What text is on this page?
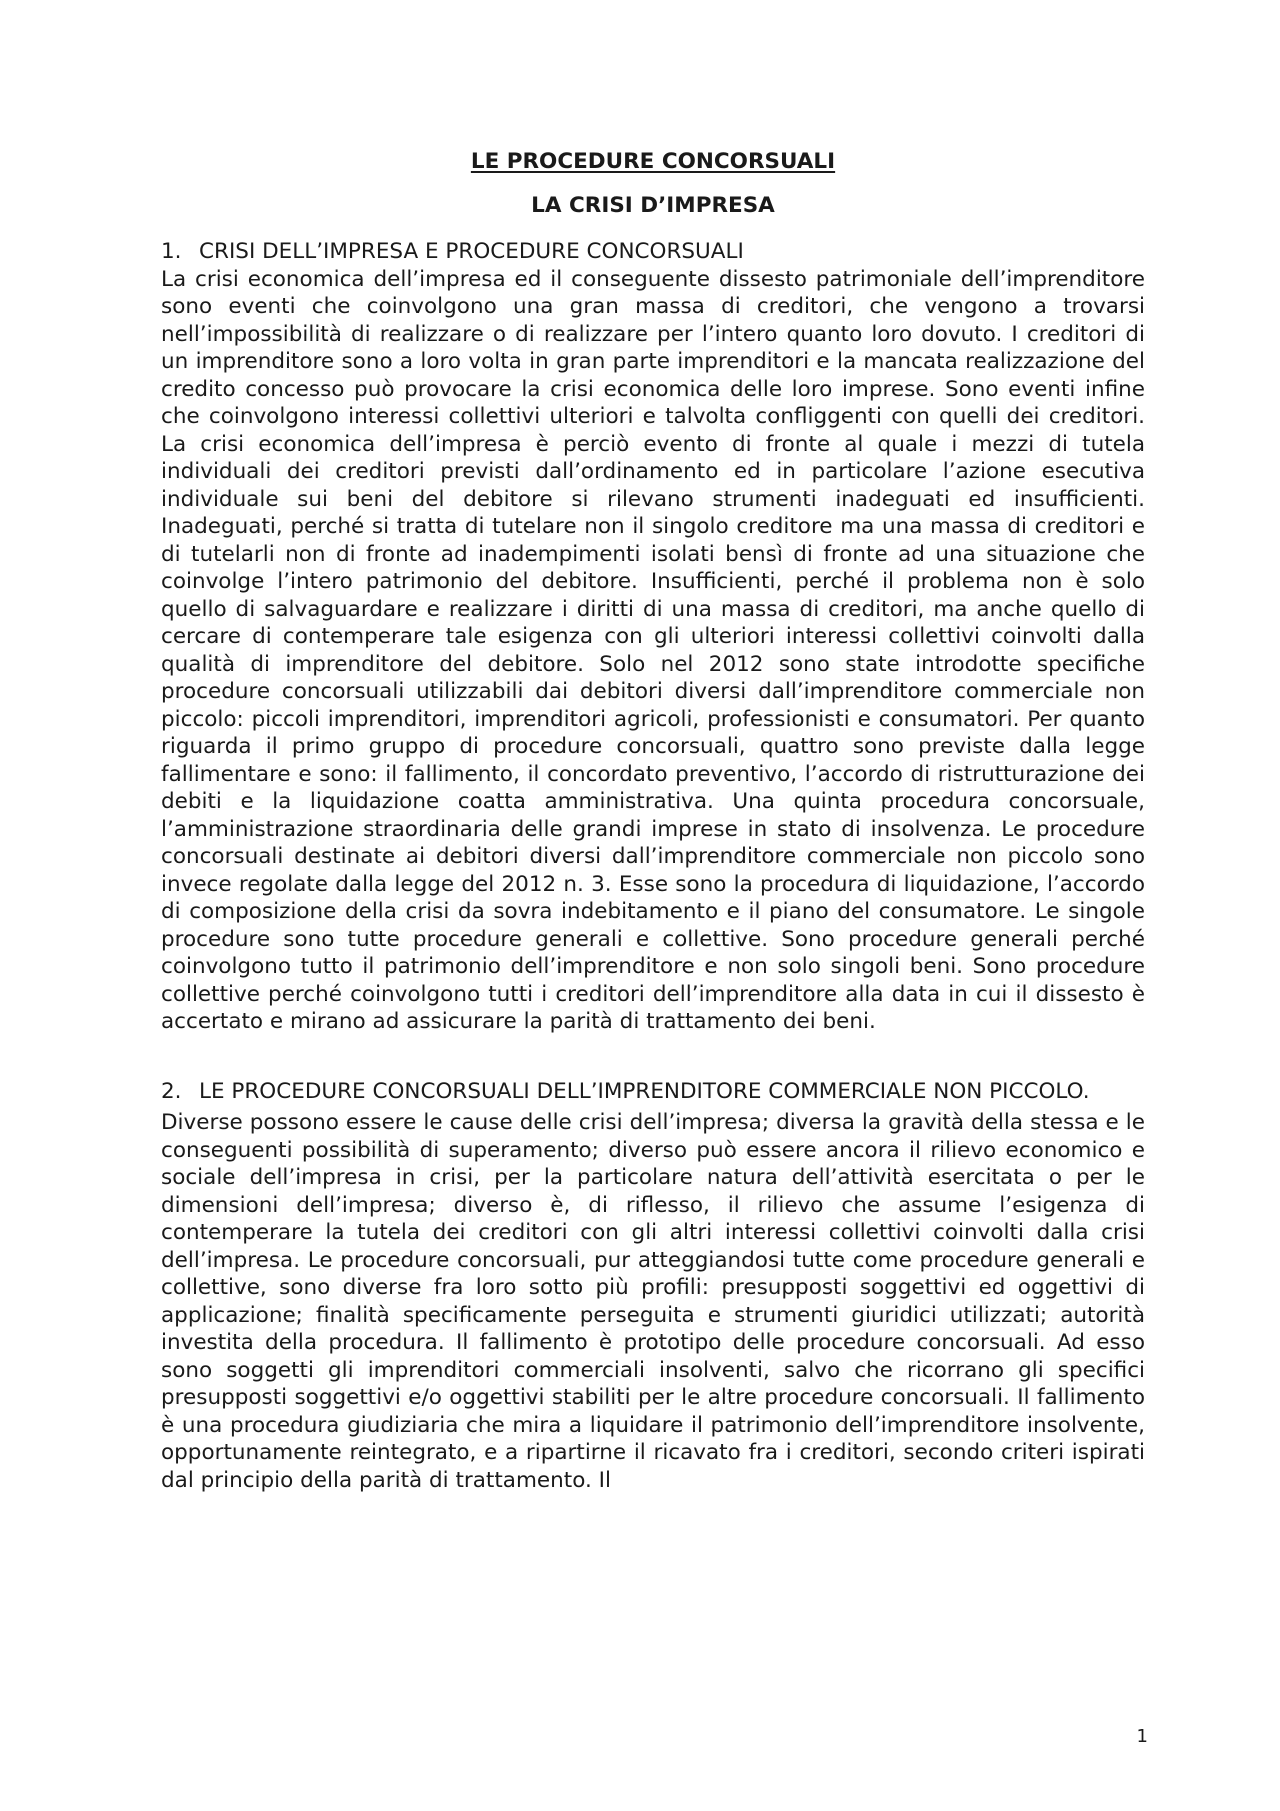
LE PROCEDURE CONCORSUALI

LA CRISI D’IMPRESA

1. CRISI DELL’IMPRESA E PROCEDURE CONCORSUALI

La crisi economica dell’impresa ed il conseguente dissesto patrimoniale dell’imprenditore sono eventi che coinvolgono una gran massa di creditori, che vengono a trovarsi nell’impossibilità di realizzare o di realizzare per l’intero quanto loro dovuto. I creditori di un imprenditore sono a loro volta in gran parte imprenditori e la mancata realizzazione del credito concesso può provocare la crisi economica delle loro imprese. Sono eventi infine che coinvolgono interessi collettivi ulteriori e talvolta confliggenti con quelli dei creditori. La crisi economica dell’impresa è perciò evento di fronte al quale i mezzi di tutela individuali dei creditori previsti dall’ordinamento ed in particolare l’azione esecutiva individuale sui beni del debitore si rilevano strumenti inadeguati ed insufficienti. Inadeguati, perché si tratta di tutelare non il singolo creditore ma una massa di creditori e di tutelarli non di fronte ad inadempimenti isolati bensì di fronte ad una situazione che coinvolge l’intero patrimonio del debitore. Insufficienti, perché il problema non è solo quello di salvaguardare e realizzare i diritti di una massa di creditori, ma anche quello di cercare di contemperare tale esigenza con gli ulteriori interessi collettivi coinvolti dalla qualità di imprenditore del debitore. Solo nel 2012 sono state introdotte specifiche procedure concorsuali utilizzabili dai debitori diversi dall’imprenditore commerciale non piccolo: piccoli imprenditori, imprenditori agricoli, professionisti e consumatori. Per quanto riguarda il primo gruppo di procedure concorsuali, quattro sono previste dalla legge fallimentare e sono: il fallimento, il concordato preventivo, l’accordo di ristrutturazione dei debiti e la liquidazione coatta amministrativa. Una quinta procedura concorsuale, l’amministrazione straordinaria delle grandi imprese in stato di insolvenza. Le procedure concorsuali destinate ai debitori diversi dall’imprenditore commerciale non piccolo sono invece regolate dalla legge del 2012 n. 3. Esse sono la procedura di liquidazione, l’accordo di composizione della crisi da sovra indebitamento e il piano del consumatore. Le singole procedure sono tutte procedure generali e collettive. Sono procedure generali perché coinvolgono tutto il patrimonio dell’imprenditore e non solo singoli beni. Sono procedure collettive perché coinvolgono tutti i creditori dell’imprenditore alla data in cui il dissesto è accertato e mirano ad assicurare la parità di trattamento dei beni.

2. LE PROCEDURE CONCORSUALI DELL’IMPRENDITORE COMMERCIALE NON PICCOLO.

Diverse possono essere le cause delle crisi dell’impresa; diversa la gravità della stessa e le conseguenti possibilità di superamento; diverso può essere ancora il rilievo economico e sociale dell’impresa in crisi, per la particolare natura dell’attività esercitata o per le dimensioni dell’impresa; diverso è, di riflesso, il rilievo che assume l’esigenza di contemperare la tutela dei creditori con gli altri interessi collettivi coinvolti dalla crisi dell’impresa. Le procedure concorsuali, pur atteggiandosi tutte come procedure generali e collettive, sono diverse fra loro sotto più profili: presupposti soggettivi ed oggettivi di applicazione; finalità specificamente perseguita e strumenti giuridici utilizzati; autorità investita della procedura. Il fallimento è prototipo delle procedure concorsuali. Ad esso sono soggetti gli imprenditori commerciali insolventi, salvo che ricorrano gli specifici presupposti soggettivi e/o oggettivi stabiliti per le altre procedure concorsuali. Il fallimento è una procedura giudiziaria che mira a liquidare il patrimonio dell’imprenditore insolvente, opportunamente reintegrato, e a ripartirne il ricavato fra i creditori, secondo criteri ispirati dal principio della parità di trattamento. Il

1
